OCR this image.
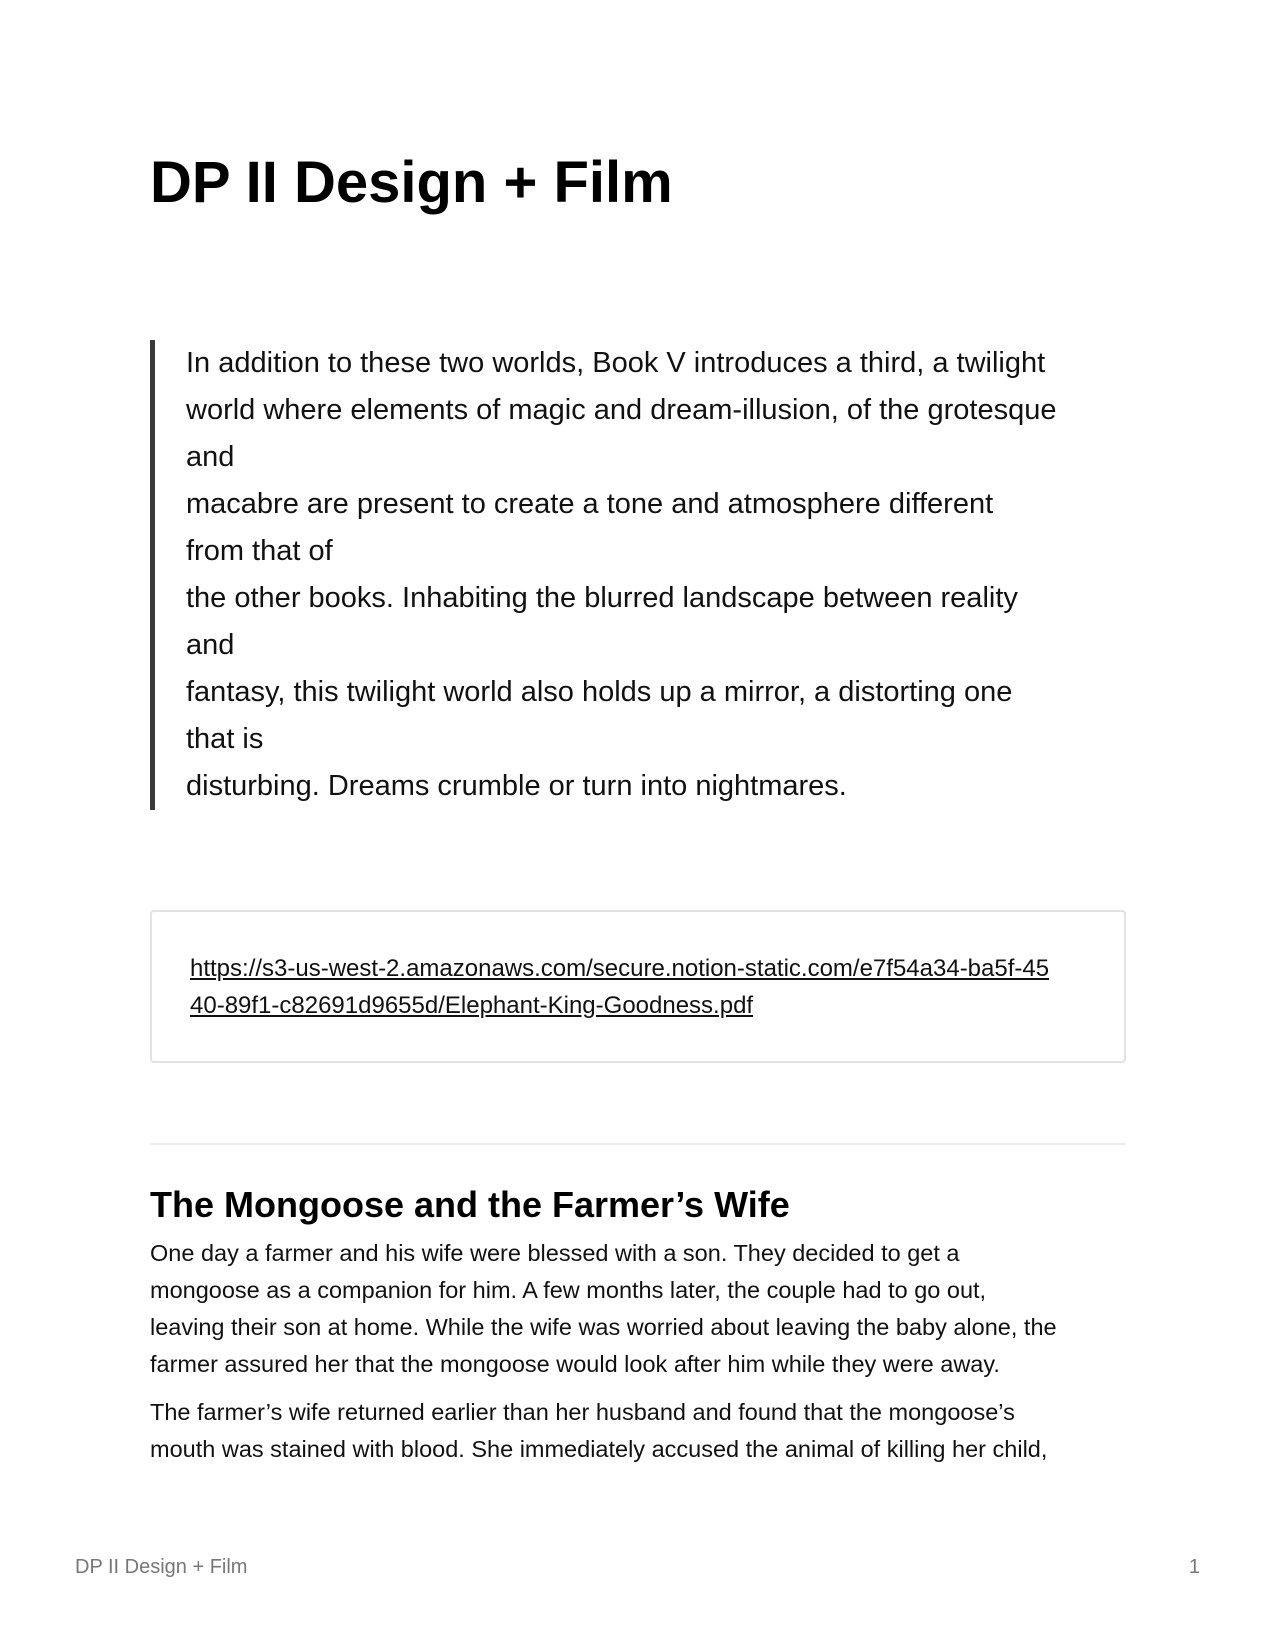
DP II Design + Film
In addition to these two worlds, Book V introduces a third, a twilight
world where elements of magic and dream-illusion, of the grotesque
and
macabre are present to create a tone and atmosphere different
from that of
the other books. Inhabiting the blurred landscape between reality
and
fantasy, this twilight world also holds up a mirror, a distorting one
that is
disturbing. Dreams crumble or turn into nightmares.
https://s3-us-west-2.amazonaws.com/secure.notion-static.com/e7f54a34-ba5f-45
40-89f1-c82691d9655d/Elephant-King-Goodness.pdf
The Mongoose and the Farmer’s Wife
One day a farmer and his wife were blessed with a son. They decided to get a
mongoose as a companion for him. A few months later, the couple had to go out,
leaving their son at home. While the wife was worried about leaving the baby alone, the
farmer assured her that the mongoose would look after him while they were away.
The farmer’s wife returned earlier than her husband and found that the mongoose’s
mouth was stained with blood. She immediately accused the animal of killing her child,
DP II Design + Film	1
